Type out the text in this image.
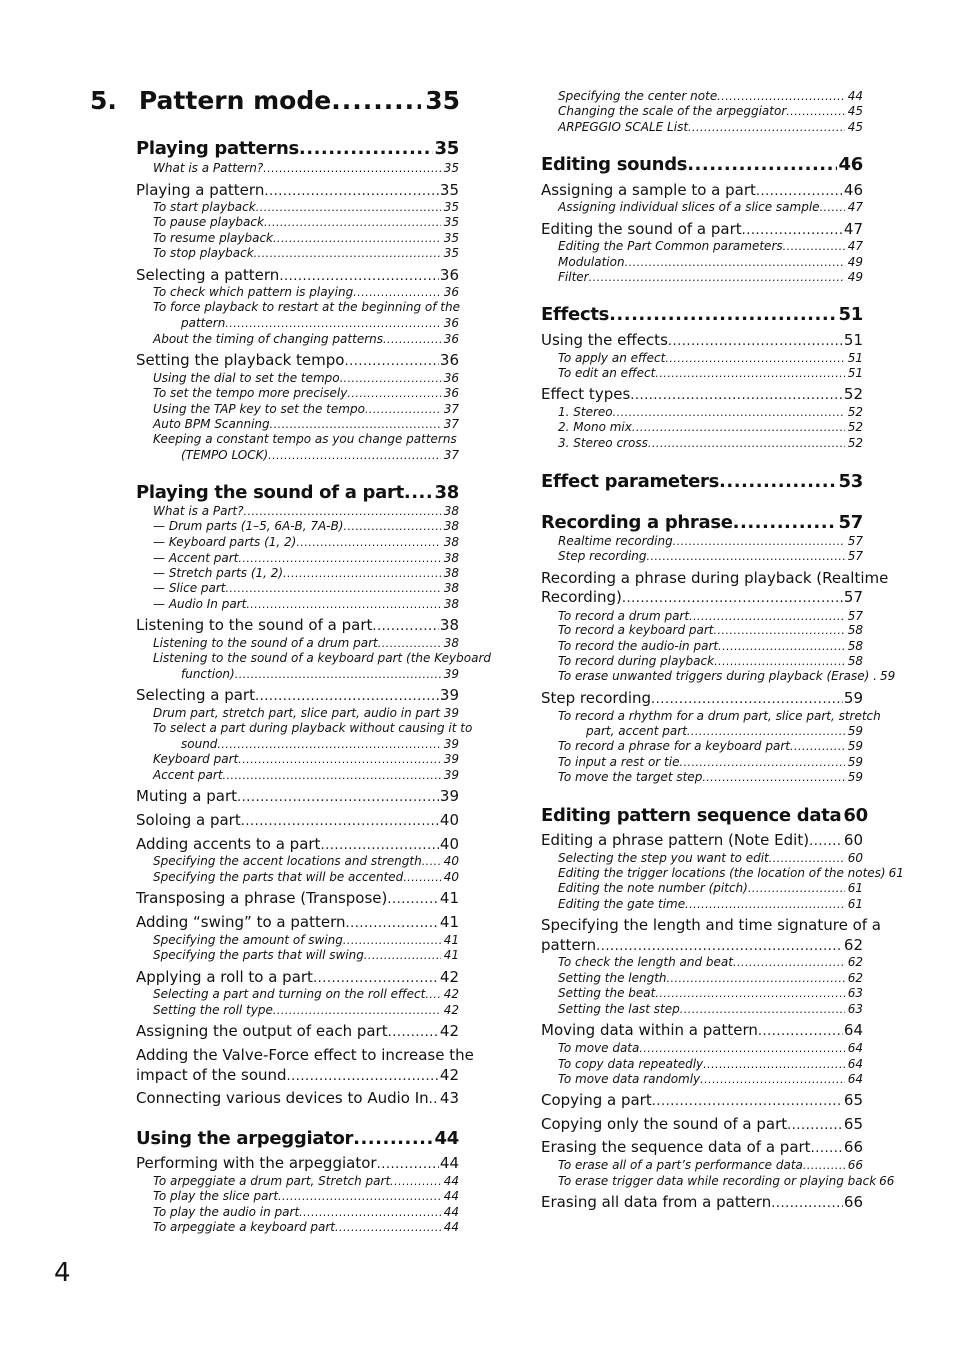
5. Pattern mode .....	35
Playing patterns .....	35
What is a Pattern? .....	35
Playing a pattern .....	35
To start playback .....	35
To pause playback .....	35
To resume playback .....	35
To stop playback .....	35
Selecting a pattern .....	36
To check which pattern is playing .....	36
To force playback to restart at the beginning of the
pattern .....	36
About the timing of changing patterns .....	36
Setting the playback tempo .....	36
Using the dial to set the tempo. .....	36
To set the tempo more precisely .....	36
Using the TAP key to set the tempo .....	37
Auto BPM Scanning .....	37
Keeping a constant tempo as you change patterns
(TEMPO LOCK) .....	37
Playing the sound of a part ..... 38
What is a Part? .....	38
— Drum parts (1–5, 6A-B, 7A-B) .....	38
— Keyboard parts (1, 2) .....	38
— Accent part .....	38
— Stretch parts (1, 2) .....	38
— Slice part .....	38
— Audio In part .....	38
Listening to the sound of a part .....	38
Listening to the sound of a drum part .....	38
Listening to the sound of a keyboard part (the Keyboard
function) .....	39
Selecting a part .....	39
Drum part, stretch part, slice part, audio in part ..... 39
To select a part during playback without causing it to
sound .....	39
Keyboard part .....	39
Accent part .....	39
Muting a part .....	39
Soloing a part .....	40
Adding accents to a part .....	40
Specifying the accent locations and strength ..... 40
Specifying the parts that will be accented .....	40
Transposing a phrase (Transpose) .....	41
Adding “swing” to a pattern .....	41
Specifying the amount of swing .....	41
Specifying the parts that will swing .....	41
Applying a roll to a part .....	42
Selecting a part and turning on the roll effect ..... 42
Setting the roll type .....	42
Assigning the output of each part .....	42
Adding the Valve-Force effect to increase the
impact of the sound .....	42
Connecting various devices to Audio In ..... 43
Using the arpeggiator .....	44
Performing with the arpeggiator .....	44
To arpeggiate a drum part, Stretch part .....	44
To play the slice part .....	44
To play the audio in part .....	44
To arpeggiate a keyboard part .....	44
Specifying the center note .....	44
Changing the scale of the arpeggiator .....	45
ARPEGGIO SCALE List .....	45
Editing sounds .....	46
Assigning a sample to a part .....	46
Assigning individual slices of a slice sample ..... 47
Editing the sound of a part .....	47
Editing the Part Common parameters .....	47
Modulation .....	49
Filter .....	49
Effects .....	51
Using the effects .....	51
To apply an effect .....	51
To edit an effect .....	51
Effect types .....	52
1. Stereo .....	52
2. Mono mix .....	52
3. Stereo cross .....	52
Effect parameters .....	53
Recording a phrase .....	57
Realtime recording .....	57
Step recording .....	57
Recording a phrase during playback (Realtime
Recording) .....	57
To record a drum part .....	57
To record a keyboard part .....	58
To record the audio-in part .....	58
To record during playback .....	58
To erase unwanted triggers during playback (Erase) . 59
Step recording .....	59
To record a rhythm for a drum part, slice part, stretch
part, accent part .....	59
To record a phrase for a keyboard part .....	59
To input a rest or tie .....	59
To move the target step .....	59
Editing pattern sequence data 60
Editing a phrase pattern (Note Edit) ..... 60
Selecting the step you want to edit .....	60
Editing the trigger locations (the location of the notes) 61
Editing the note number (pitch) .....	61
Editing the gate time .....	61
Specifying the length and time signature of a
pattern .....	62
To check the length and beat .....	62
Setting the length .....	62
Setting the beat .....	63
Setting the last step .....	63
Moving data within a pattern .....	64
To move data .....	64
To copy data repeatedly .....	64
To move data randomly .....	64
Copying a part .....	65
Copying only the sound of a part .....	65
Erasing the sequence data of a part ..... 66
To erase all of a part’s performance data .....	66
To erase trigger data while recording or playing back 66
Erasing all data from a pattern .....	66
4
